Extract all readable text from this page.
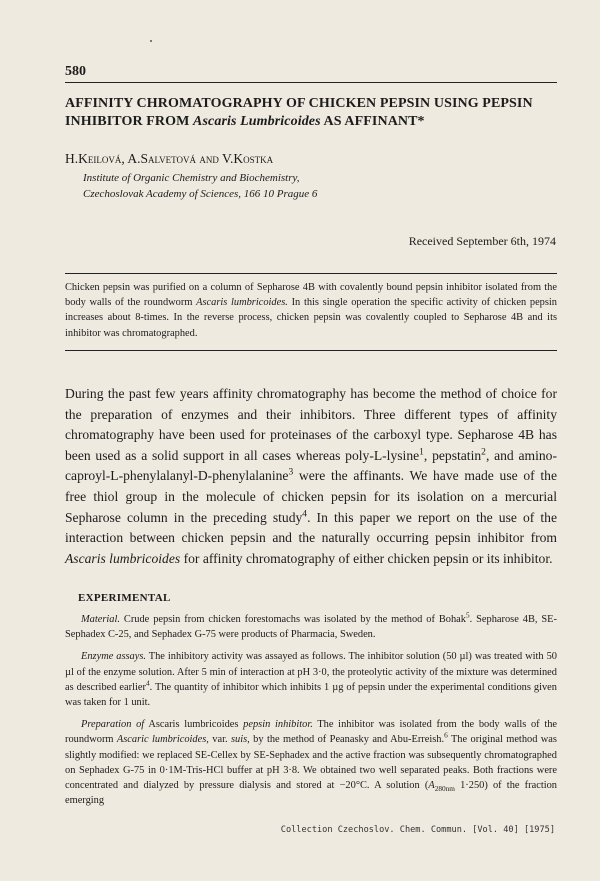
580
AFFINITY CHROMATOGRAPHY OF CHICKEN PEPSIN USING PEPSIN INHIBITOR FROM Ascaris Lumbricoides AS AFFINANT*
H.Keilová, A.Salvetová and V.Kostka
Institute of Organic Chemistry and Biochemistry,
Czechoslovak Academy of Sciences, 166 10 Prague 6
Received September 6th, 1974
Chicken pepsin was purified on a column of Sepharose 4B with covalently bound pepsin inhibitor isolated from the body walls of the roundworm Ascaris lumbricoides. In this single operation the specific activity of chicken pepsin increases about 8-times. In the reverse process, chicken pepsin was covalently coupled to Sepharose 4B and its inhibitor was chromatographed.
During the past few years affinity chromatography has become the method of choice for the preparation of enzymes and their inhibitors. Three different types of affinity chromatography have been used for proteinases of the carboxyl type. Sepharose 4B has been used as a solid support in all cases whereas poly-L-lysine$^1$, pepstatin$^2$, and amino-caproyl-L-phenylalanyl-D-phenylalanine$^3$ were the affinants. We have made use of the free thiol group in the molecule of chicken pepsin for its isolation on a mercurial Sepharose column in the preceding study$^4$. In this paper we report on the use of the interaction between chicken pepsin and the naturally occurring pepsin inhibitor from Ascaris lumbricoides for affinity chromatography of either chicken pepsin or its inhibitor.
EXPERIMENTAL

Material. Crude pepsin from chicken forestomachs was isolated by the method of Bohak$^5$. Sepharose 4B, SE-Sephadex C-25, and Sephadex G-75 were products of Pharmacia, Sweden.

Enzyme assays. The inhibitory activity was assayed as follows. The inhibitor solution (50 µl) was treated with 50 µl of the enzyme solution. After 5 min of interaction at pH 3·0, the proteolytic activity of the mixture was determined as described earlier$^4$. The quantity of inhibitor which inhibits 1 µg of pepsin under the experimental conditions given was taken for 1 unit.

Preparation of Ascaris lumbricoides pepsin inhibitor. The inhibitor was isolated from the body walls of the roundworm Ascaric lumbricoides, var. suis, by the method of Peanasky and Abu-Erreish.$^6$ The original method was slightly modified: we replaced SE-Cellex by SE-Sephadex and the active fraction was subsequently chromatographed on Sephadex G-75 in 0·1M-Tris-HCl buffer at pH 3·8. We obtained two well separated peaks. Both fractions were concentrated and dialyzed by pressure dialysis and stored at −20°C. A solution ($A_{280nm}$ 1·250) of the fraction emerging

Collection Czechoslov. Chem. Commun. [Vol. 40] [1975]
